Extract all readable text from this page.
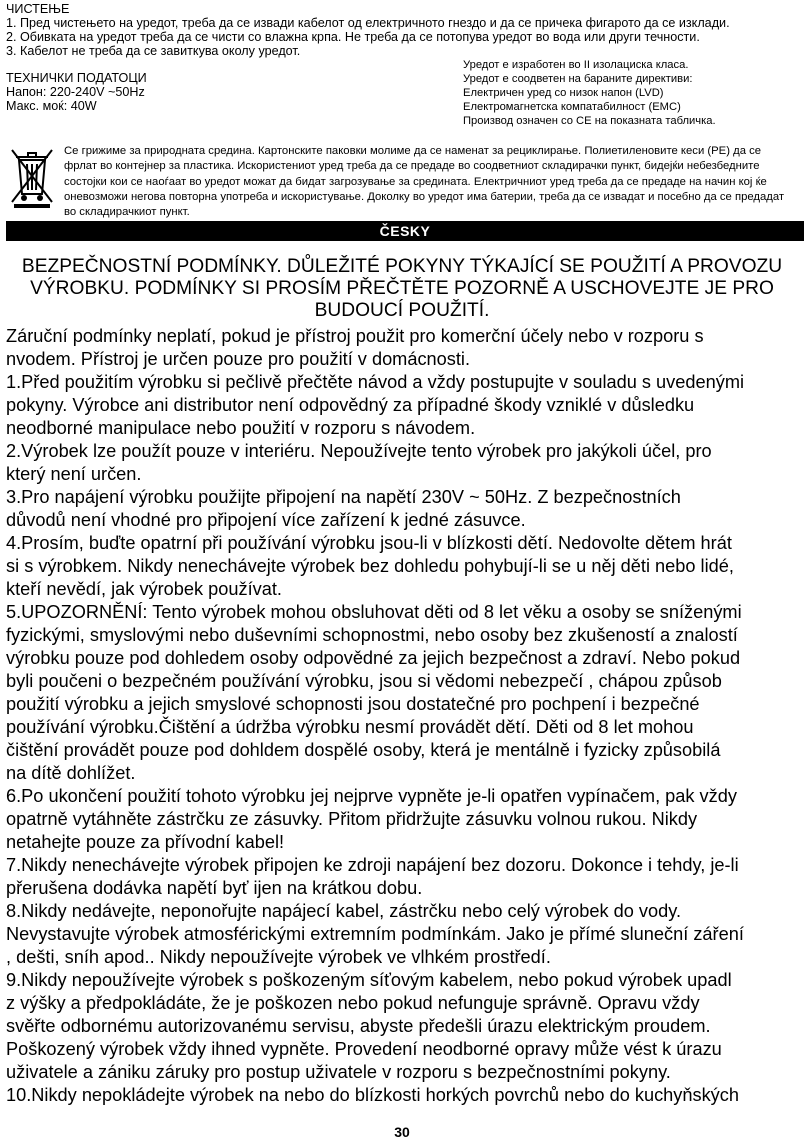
ЧИСТЕЊЕ

1. Пред чистењето на уредот, треба да се извади кабелот од електричното гнездо и да се причека фигарото да се изклади.

2. Обивката на уредот треба да се чисти со влажна крпа. Не треба да се потопува уредот во вода или други течности.

3. Кабелот не треба да се завиткува околу уредот.

ТЕХНИЧКИ ПОДАТОЦИ

Напон: 220-240V ~50Hz

Макс. моќ: 40W

Уредот е изработен во II изолациска класа.

Уредот е соодветен на бараните директиви:

Електричен уред со низок напон (LVD)

Електромагнетска компатабилност (EMC)

Производ означен со CE на показната табличка.

Се грижиме за природната средина. Картонските паковки молиме да се наменат за рециклирање. Полиетиленовите кеси (PE) да се

фрлат во контејнер за пластика. Искористениот уред треба да се предаде во соодветниот складирачки пункт, бидејќи небезбедните

состојки кои се наоѓаат во уредот можат да бидат загрозување за средината. Електричниот уред треба да се предаде на начин кој ќе

оневозможи негова повторна употреба и искористување. Доколку во уредот има батерии, треба да се извадат и посебно да се предадат

во складирачкиот пункт.

ČESKY

BEZPEČNOSTNÍ PODMÍNKY. DŮLEŽITÉ POKYNY TÝKAJÍCÍ SE POUŽITÍ A PROVOZU

VÝROBKU. PODMÍNKY SI PROSÍM PŘEČTĚTE POZORNĚ A USCHOVEJTE JE PRO

BUDOUCÍ POUŽITÍ.

Záruční podmínky neplatí, pokud je přístroj použit pro komerční účely nebo v rozporu s

nvodem. Přístroj je určen pouze pro použití v domácnosti.

1.Před použitím výrobku si pečlivě přečtěte návod a vždy postupujte v souladu s uvedenými

pokyny. Výrobce ani distributor není odpovědný za případné škody vzniklé v důsledku

neodborné manipulace nebo použití v rozporu s návodem.

2.Výrobek lze použít pouze v interiéru. Nepoužívejte tento výrobek pro jakýkoli účel, pro

který není určen.

3.Pro napájení výrobku použijte připojení na napětí 230V ~ 50Hz. Z bezpečnostních

důvodů není vhodné pro připojení více zařízení k jedné zásuvce.

4.Prosím, buďte opatrní při používání výrobku jsou-li v blízkosti dětí. Nedovolte dětem hrát

si s výrobkem. Nikdy nenechávejte výrobek bez dohledu pohybují-li se u něj děti nebo lidé,

kteří nevědí, jak výrobek používat.

5.UPOZORNĚNÍ: Tento výrobek mohou obsluhovat děti od 8 let věku a osoby se sníženými

fyzickými, smyslovými nebo duševními schopnostmi, nebo osoby bez zkušeností a znalostí

výrobku pouze pod dohledem osoby odpovědné za jejich bezpečnost a zdraví. Nebo pokud

byli poučeni o bezpečném používání výrobku, jsou si vědomi nebezpečí , chápou způsob

použití výrobku a jejich smyslové schopnosti jsou dostatečné pro pochpení i bezpečné

používání výrobku.Čištění a údržba výrobku nesmí provádět dětí. Děti od 8 let mohou

čištění provádět pouze pod dohldem dospělé osoby, která je mentálně i fyzicky způsobilá

na dítě dohlížet.

6.Po ukončení použití tohoto výrobku jej nejprve vypněte je-li opatřen vypínačem, pak vždy

opatrně vytáhněte zástrčku ze zásuvky. Přitom přidržujte zásuvku volnou rukou. Nikdy

netahejte pouze za přívodní kabel!

7.Nikdy nenechávejte výrobek připojen ke zdroji napájení bez dozoru. Dokonce i tehdy, je-li

přerušena dodávka napětí byť ijen na krátkou dobu.

8.Nikdy nedávejte, neponořujte napájecí kabel, zástrčku nebo celý výrobek do vody.

Nevystavujte výrobek atmosférickými extremním podmínkám. Jako je přímé sluneční záření

, dešti, sníh apod.. Nikdy nepoužívejte výrobek ve vlhkém prostředí.

9.Nikdy nepoužívejte výrobek s poškozeným síťovým kabelem, nebo pokud výrobek upadl

z výšky a předpokládáte, že je poškozen nebo pokud nefunguje správně. Opravu vždy

svěřte odbornému autorizovanému servisu, abyste předešli úrazu elektrickým proudem.

Poškozený výrobek vždy ihned vypněte. Provedení neodborné opravy může vést k úrazu

uživatele a zániku záruky pro postup uživatele v rozporu s bezpečnostními pokyny.

10.Nikdy nepokládejte výrobek na nebo do blízkosti horkých povrchů nebo do kuchyňských

30
